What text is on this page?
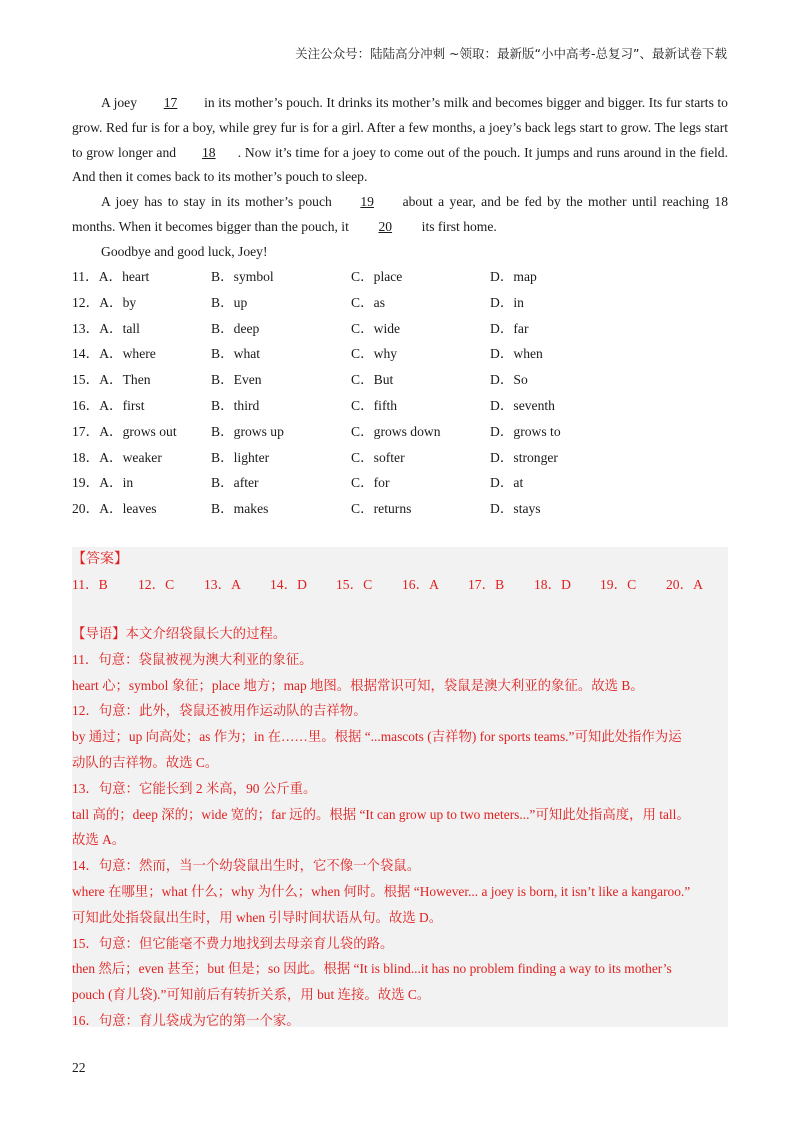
关注公众号：陆陆高分冲刺 ~领取：最新版“小中高考-总复习”、最新试卷下载

A joey 17 in its mother’s pouch. It drinks its mother’s milk and becomes bigger and bigger. Its fur starts to grow. Red fur is for a boy, while grey fur is for a girl. After a few months, a joey’s back legs start to grow. The legs start to grow longer and 18 . Now it’s time for a joey to come out of the pouch. It jumps and runs around in the field. And then it comes back to its mother’s pouch to sleep.

A joey has to stay in its mother’s pouch 19 about a year, and be fed by the mother until reaching 18 months. When it becomes bigger than the pouch, it 20 its first home.

Goodbye and good luck, Joey!

11．A．heart	B．symbol	C．place	D．map
12．A．by	B．up	C．as	D．in
13．A．tall	B．deep	C．wide	D．far
14．A．where	B．what	C．why	D．when
15．A．Then	B．Even	C．But	D．So
16．A．first	B．third	C．fifth	D．seventh
17．A．grows out	B．grows up	C．grows down	D．grows to
18．A．weaker	B．lighter	C．softer	D．stronger
19．A．in	B．after	C．for	D．at
20．A．leaves	B．makes	C．returns	D．stays
【答案】
11．B 12．C 13．A 14．D 15．C 16．A 17．B 18．D 19．C 20．A
【导语】本文介绍袋鼠长大的过程。
11．句意：袋鼠被视为澳大利亚的象征。
heart 心；symbol 象征；place 地方；map 地图。根据常识可知，袋鼠是澳大利亚的象征。故选 B。
12．句意：此外，袋鼠还被用作运动队的吉祥物。
by 通过；up 向高处；as 作为；in 在……里。根据 “...mascots (吉祥物) for sports teams.”可知此处指作为运
动队的吉祥物。故选 C。
13．句意：它能长到 2 米高，90 公斤重。
tall 高的；deep 深的；wide 宽的；far 远的。根据 “It can grow up to two meters...”可知此处指高度，用 tall。
故选 A。
14．句意：然而，当一个幼袋鼠出生时，它不像一个袋鼠。
where 在哪里；what 什么；why 为什么；when 何时。根据 “However... a joey is born, it isn’t like a kangaroo.”
可知此处指袋鼠出生时，用 when 引导时间状语从句。故选 D。
15．句意：但它能毫不费力地找到去母亲育儿袋的路。
then 然后；even 甚至；but 但是；so 因此。根据 “It is blind...it has no problem finding a way to its mother’s
pouch (育儿袋).”可知前后有转折关系，用 but 连接。故选 C。
16．句意：育儿袋成为它的第一个家。
22
